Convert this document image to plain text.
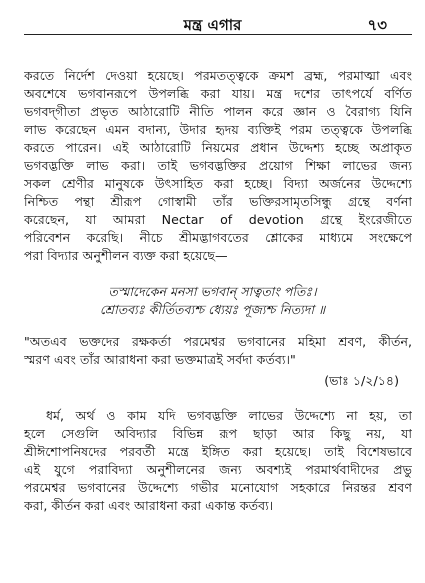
মন্ত্র এগার	৭৩
করতে নির্দেশ দেওয়া হয়েছে। পরমতত্ত্বকে ক্রমশ ব্রহ্ম, পরমাত্মা এবং
অবশেষে ভগবানরূপে উপলব্ধি করা যায়। মন্ত্র দশের তাৎপর্যে বর্ণিত
ভগবদ্‌গীতা প্রভৃত আঠারোটি নীতি পালন করে জ্ঞান ও বৈরাগ্য যিনি
লাভ করেছেন এমন বদান্য, উদার হৃদয় ব্যক্তিই পরম তত্ত্বকে উপলব্ধি
করতে পারেন। এই আঠারোটি নিয়মের প্রধান উদ্দেশ্য হচ্ছে অপ্রাকৃত
ভগবদ্ভক্তি লাভ করা। তাই ভগবদ্ভক্তির প্রয়োগ শিক্ষা লাভের জন্য
সকল শ্রেণীর মানুষকে উৎসাহিত করা হচ্ছে। বিদ্যা অর্জনের উদ্দেশ্যে
নিশ্চিত পন্থা শ্রীরূপ গোস্বামী তাঁর ভক্তিরসামৃতসিন্ধু গ্রন্থে বর্ণনা
করেছেন, যা আমরা Nectar of devotion গ্রন্থে ইংরেজীতে
পরিবেশন করেছি। নীচে শ্রীমদ্ভাগবতের শ্লোকের মাধ্যমে সংক্ষেপে
পরা বিদ্যার অনুশীলন ব্যক্ত করা হয়েছে—
তস্মাদেকেন মনসা ভগবান্ সাত্বতাং পতিঃ।
শ্রোতব্যঃ কীর্তিতব্যশ্চ ধ্যেয়ঃ পূজ্যশ্চ নিত্যদা ॥
"অতএব ভক্তদের রক্ষকর্তা পরমেশ্বর ভগবানের মহিমা শ্রবণ, কীর্তন,
স্মরণ এবং তাঁর আরাধনা করা ভক্তমাত্রই সর্বদা কর্তব্য।"
(ভাঃ ১/২/১৪)
ধর্ম, অর্থ ও কাম যদি ভগবদ্ভক্তি লাভের উদ্দেশ্যে না হয়, তা
হলে সেগুলি অবিদ্যার বিভিন্ন রূপ ছাড়া আর কিছু নয়, যা
শ্রীঈশোপনিষদের পরবর্তী মন্ত্রে ইঙ্গিত করা হয়েছে। তাই বিশেষভাবে
এই যুগে পরাবিদ্যা অনুশীলনের জন্য অবশ্যই পরমার্থবাদীদের প্রভু
পরমেশ্বর ভগবানের উদ্দেশ্যে গভীর মনোযোগ সহকারে নিরন্তর শ্রবণ
করা, কীর্তন করা এবং আরাধনা করা একান্ত কর্তব্য।
